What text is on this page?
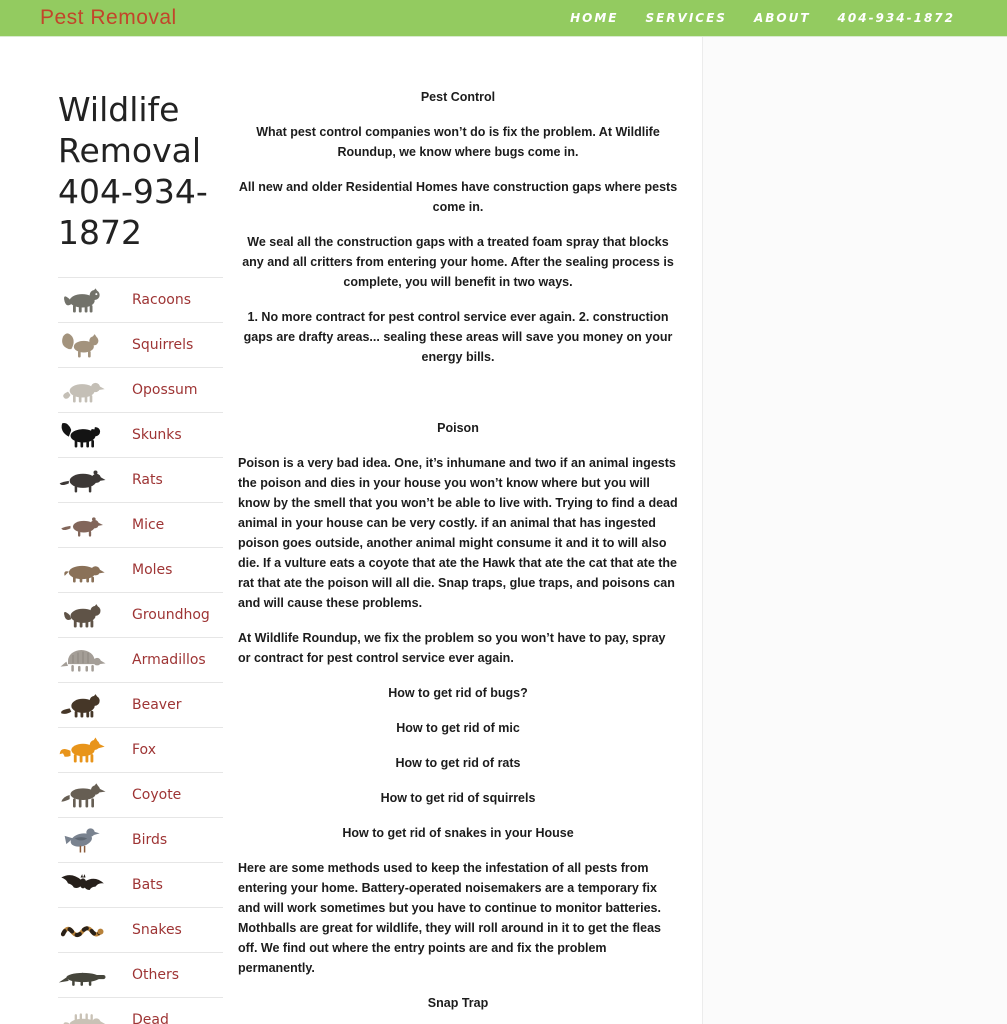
Pest Removal	HOME SERVICES ABOUT 404-934-1872
Wildlife Removal 404-934-1872
Racoons
Squirrels
Opossum
Skunks
Rats
Mice
Moles
Groundhog
Armadillos
Beaver
Fox
Coyote
Birds
Bats
Snakes
Others
Dead
Pest Control

What pest control companies won’t do is fix the problem. At Wildlife Roundup, we know where bugs come in.

All new and older Residential Homes have construction gaps where pests come in.

We seal all the construction gaps with a treated foam spray that blocks any and all critters from entering your home. After the sealing process is complete, you will benefit in two ways.

1. No more contract for pest control service ever again. 2. construction gaps are drafty areas... sealing these areas will save you money on your energy bills.

Poison

Poison is a very bad idea. One, it’s inhumane and two if an animal ingests the poison and dies in your house you won’t know where but you will know by the smell that you won’t be able to live with. Trying to find a dead animal in your house can be very costly. if an animal that has ingested poison goes outside, another animal might consume it and it to will also die. If a vulture eats a coyote that ate the Hawk that ate the cat that ate the rat that ate the poison will all die. Snap traps, glue traps, and poisons can and will cause these problems.

At Wildlife Roundup, we fix the problem so you won’t have to pay, spray or contract for pest control service ever again.

How to get rid of bugs?

How to get rid of mic

How to get rid of rats

How to get rid of squirrels

How to get rid of snakes in your House

Here are some methods used to keep the infestation of all pests from entering your home. Battery-operated noisemakers are a temporary fix and will work sometimes but you have to continue to monitor batteries. Mothballs are great for wildlife, they will roll around in it to get the fleas off. We find out where the entry points are and fix the problem permanently.

Snap Trap
